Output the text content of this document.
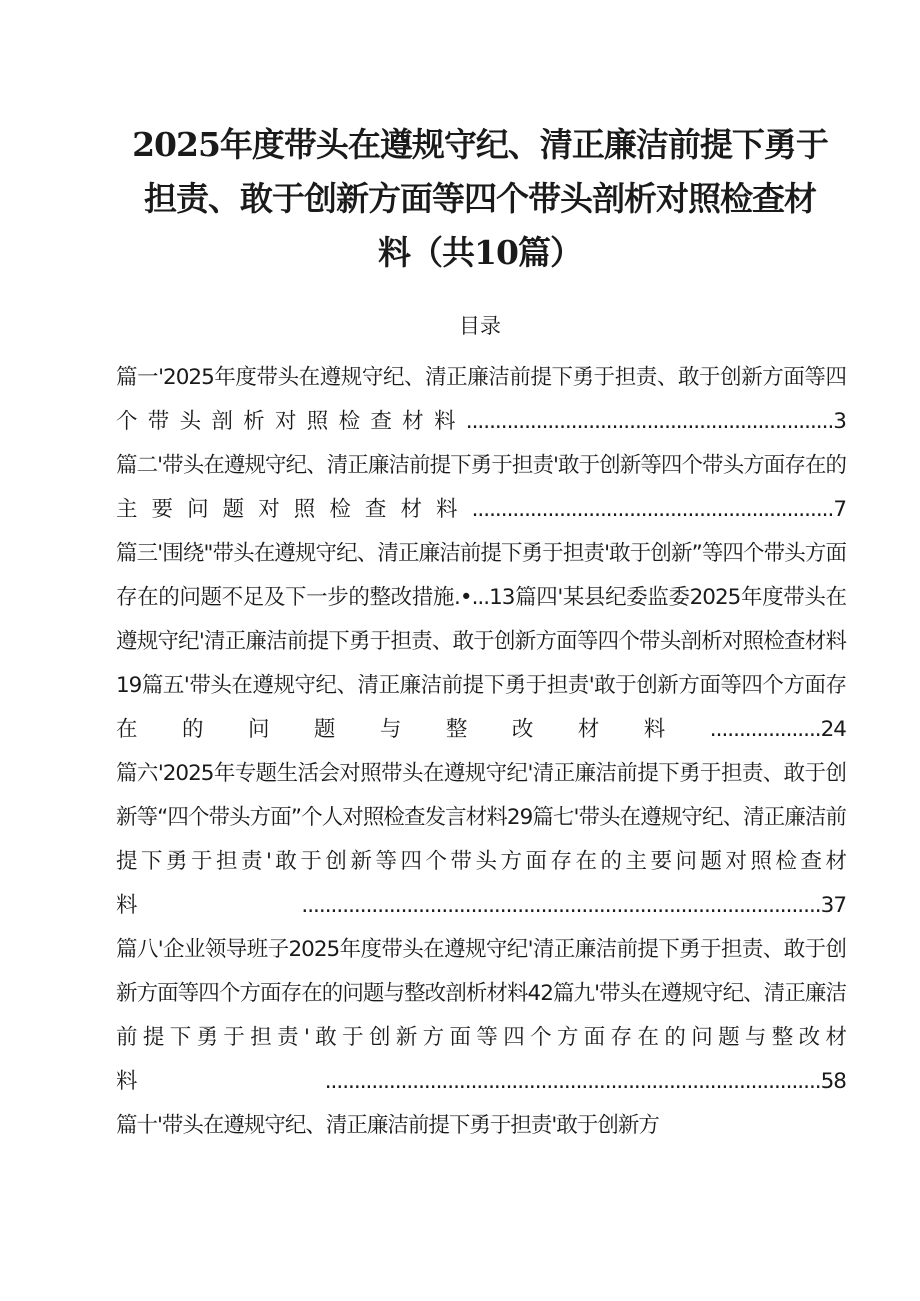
2025年度带头在遵规守纪、清正廉洁前提下勇于担责、敢于创新方面等四个带头剖析对照检查材料（共10篇）
目录

篇一'2025年度带头在遵规守纪、清正廉洁前提下勇于担责、敢于创新方面等四个带头剖析对照检查材料...............................................................3

篇二'带头在遵规守纪、清正廉洁前提下勇于担责'敢于创新等四个带头方面存在的主要问题对照检查材料..............................................................7

篇三'围绕"带头在遵规守纪、清正廉洁前提下勇于担责'敢于创新”等四个带头方面存在的问题不足及下一步的整改措施.•...13篇四'某县纪委监委2025年度带头在遵规守纪'清正廉洁前提下勇于担责、敢于创新方面等四个带头剖析对照检查材料19篇五'带头在遵规守纪、清正廉洁前提下勇于担责'敢于创新方面等四个方面存在的问题与整改材料...................24

篇六'2025年专题生活会对照带头在遵规守纪'清正廉洁前提下勇于担责、敢于创新等“四个带头方面”个人对照检查发言材料29篇七'带头在遵规守纪、清正廉洁前提下勇于担责'敢于创新等四个带头方面存在的主要问题对照检查材料.........................................................................................37

篇八'企业领导班子2025年度带头在遵规守纪'清正廉洁前提下勇于担责、敢于创新方面等四个方面存在的问题与整改剖析材料42篇九'带头在遵规守纪、清正廉洁前提下勇于担责'敢于创新方面等四个方面存在的问题与整改材料.....................................................................................58

篇十'带头在遵规守纪、清正廉洁前提下勇于担责'敢于创新方
